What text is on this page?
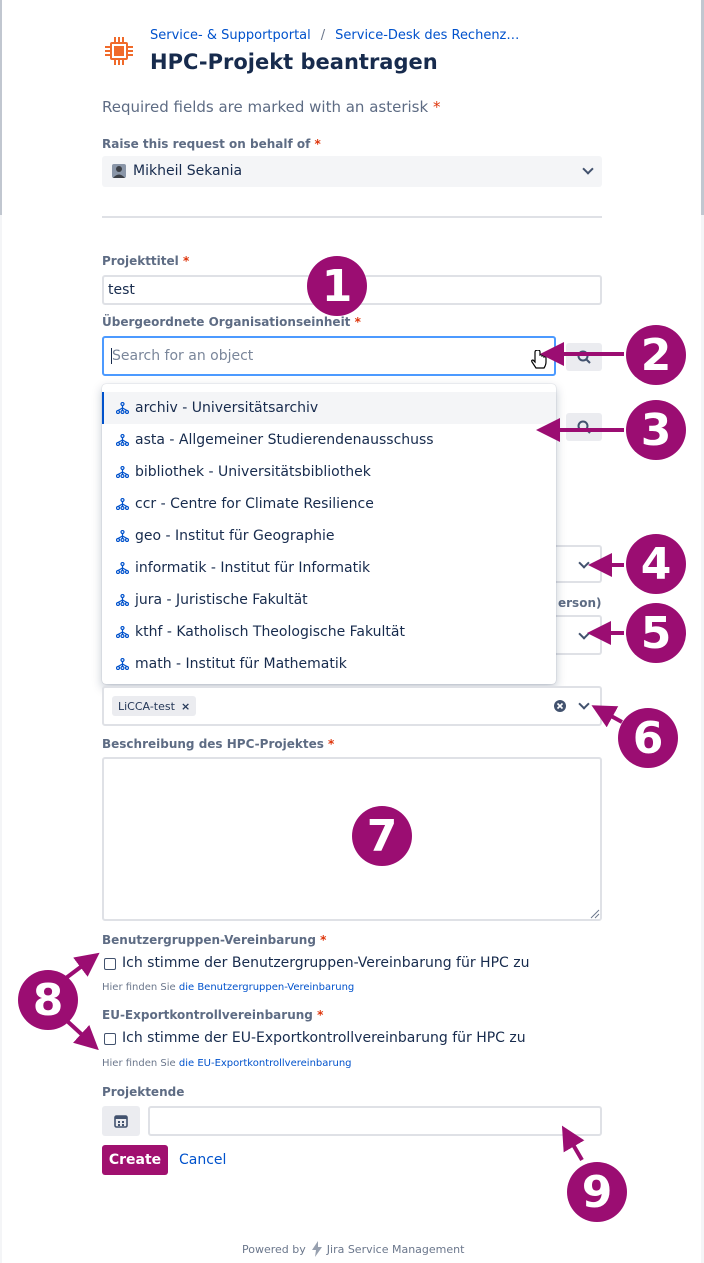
Service- & Supportportal / Service-Desk des Rechenz…
HPC-Projekt beantragen
Required fields are marked with an asterisk *
Raise this request on behalf of *
Mikheil Sekania
Projekttitel *
test
Übergeordnete Organisationseinheit *
Search for an object
erson)
archiv - Universitätsarchiv
asta - Allgemeiner Studierendenausschuss
bibliothek - Universitätsbibliothek
ccr - Centre for Climate Resilience
geo - Institut für Geographie
informatik - Institut für Informatik
jura - Juristische Fakultät
kthf - Katholisch Theologische Fakultät
math - Institut für Mathematik
LiCCA-test ×
Beschreibung des HPC-Projektes *
Benutzergruppen-Vereinbarung *
Ich stimme der Benutzergruppen-Vereinbarung für HPC zu
Hier finden Sie die Benutzergruppen-Vereinbarung
EU-Exportkontrollvereinbarung *
Ich stimme der EU-Exportkontrollvereinbarung für HPC zu
Hier finden Sie die EU-Exportkontrollvereinbarung
Projektende
Create	Cancel
Powered by Jira Service Management
1
2
3
4
5
6
7
8
9
